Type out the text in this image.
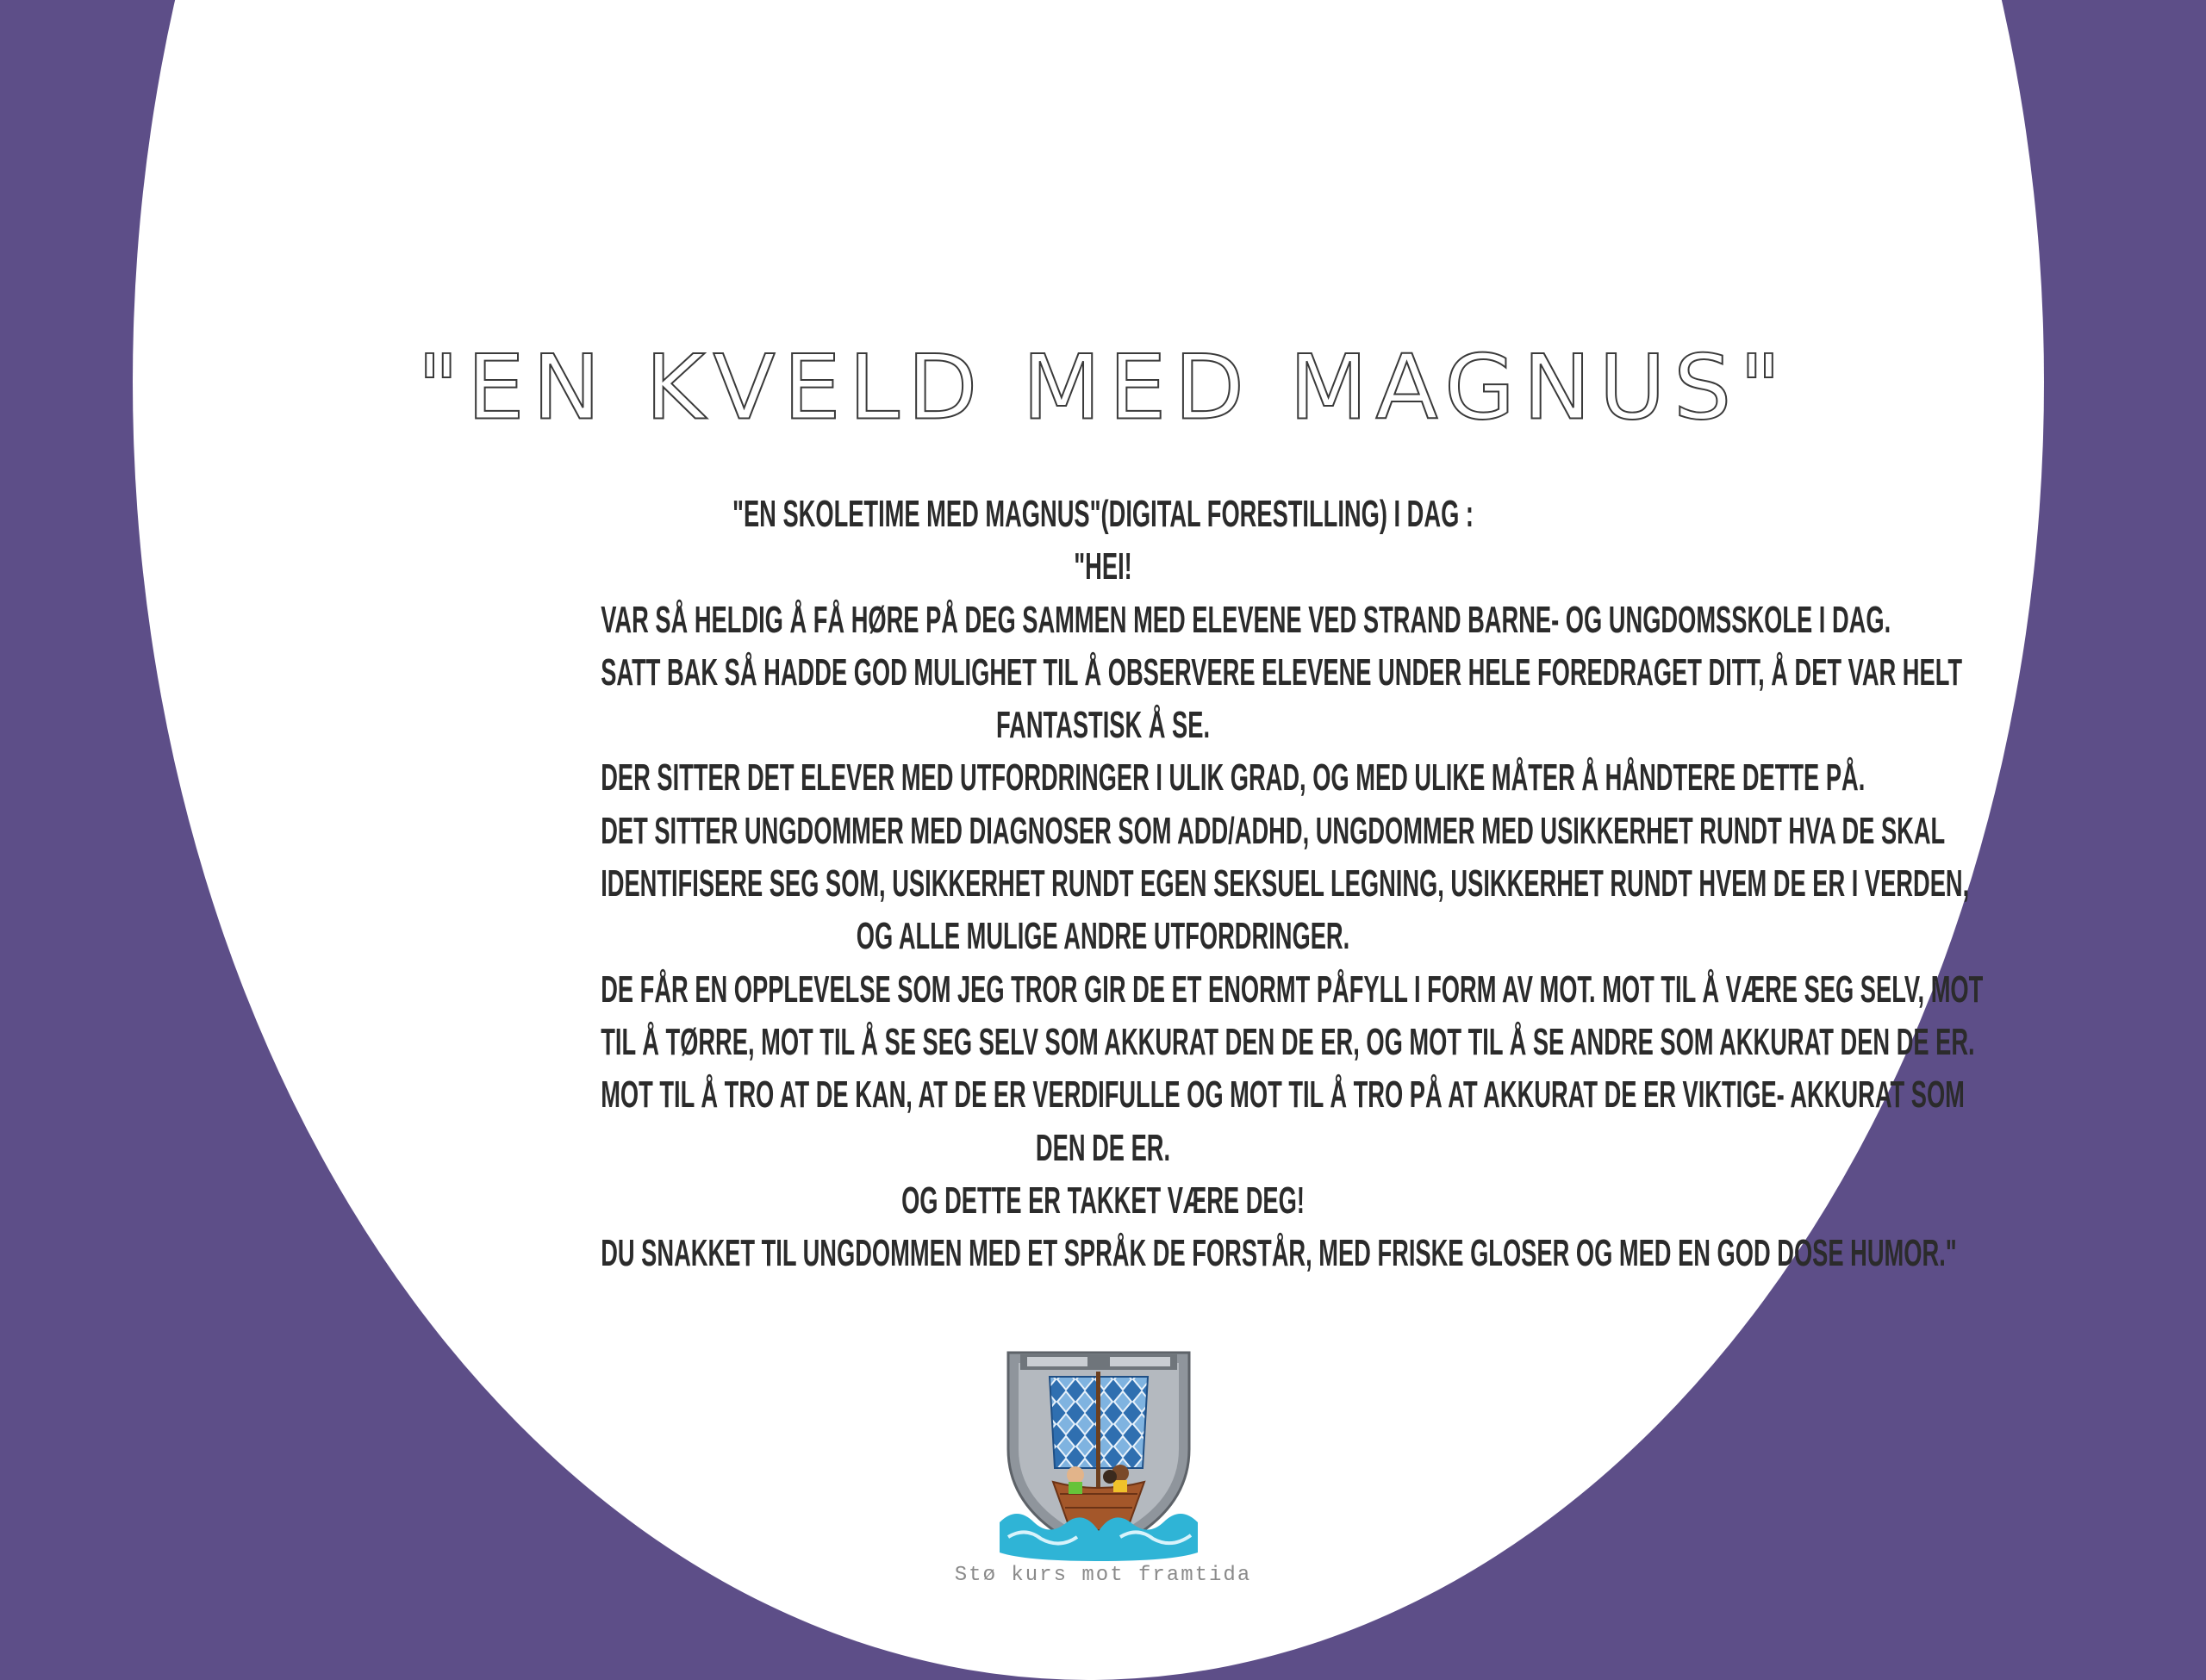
"EN KVELD MED MAGNUS"
"EN SKOLETIME MED MAGNUS"(DIGITAL FORESTILLING) I DAG :
"HEI!
VAR SÅ HELDIG Å FÅ HØRE PÅ DEG SAMMEN MED ELEVENE VED STRAND BARNE- OG UNGDOMSSKOLE I DAG.
SATT BAK SÅ HADDE GOD MULIGHET TIL Å OBSERVERE ELEVENE UNDER HELE FOREDRAGET DITT, Å DET VAR HELT
FANTASTISK Å SE.
DER SITTER DET ELEVER MED UTFORDRINGER I ULIK GRAD, OG MED ULIKE MÅTER Å HÅNDTERE DETTE PÅ.
DET SITTER UNGDOMMER MED DIAGNOSER SOM ADD/ADHD, UNGDOMMER MED USIKKERHET RUNDT HVA DE SKAL
IDENTIFISERE SEG SOM, USIKKERHET RUNDT EGEN SEKSUEL LEGNING, USIKKERHET RUNDT HVEM DE ER I VERDEN,
OG ALLE MULIGE ANDRE UTFORDRINGER.
DE FÅR EN OPPLEVELSE SOM JEG TROR GIR DE ET ENORMT PÅFYLL I FORM AV MOT. MOT TIL Å VÆRE SEG SELV, MOT
TIL Å TØRRE, MOT TIL Å SE SEG SELV SOM AKKURAT DEN DE ER, OG MOT TIL Å SE ANDRE SOM AKKURAT DEN DE ER.
MOT TIL Å TRO AT DE KAN, AT DE ER VERDIFULLE OG MOT TIL Å TRO PÅ AT AKKURAT DE ER VIKTIGE- AKKURAT SOM
DEN DE ER.
OG DETTE ER TAKKET VÆRE DEG!
DU SNAKKET TIL UNGDOMMEN MED ET SPRÅK DE FORSTÅR, MED FRISKE GLOSER OG MED EN GOD DOSE HUMOR."
Stø kurs mot framtida
